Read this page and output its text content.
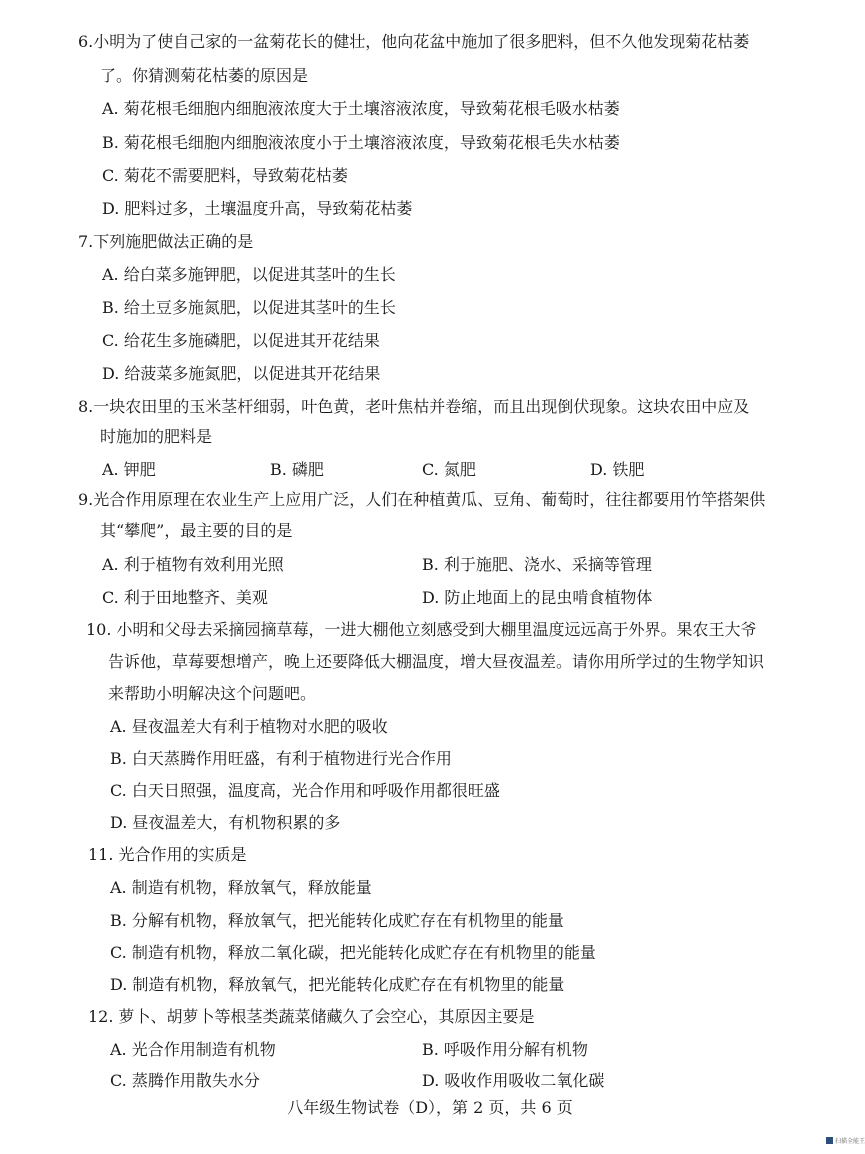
6.小明为了使自己家的一盆菊花长的健壮，他向花盆中施加了很多肥料，但不久他发现菊花枯萎
了。你猜测菊花枯萎的原因是
A. 菊花根毛细胞内细胞液浓度大于土壤溶液浓度，导致菊花根毛吸水枯萎
B. 菊花根毛细胞内细胞液浓度小于土壤溶液浓度，导致菊花根毛失水枯萎
C. 菊花不需要肥料，导致菊花枯萎
D. 肥料过多，土壤温度升高，导致菊花枯萎
7.下列施肥做法正确的是
A. 给白菜多施钾肥，以促进其茎叶的生长
B. 给土豆多施氮肥，以促进其茎叶的生长
C. 给花生多施磷肥，以促进其开花结果
D. 给菠菜多施氮肥，以促进其开花结果
8.一块农田里的玉米茎杆细弱，叶色黄，老叶焦枯并卷缩，而且出现倒伏现象。这块农田中应及
时施加的肥料是
A. 钾肥	B. 磷肥	C. 氮肥	D. 铁肥
9.光合作用原理在农业生产上应用广泛，人们在种植黄瓜、豆角、葡萄时，往往都要用竹竿搭架供
其“攀爬”，最主要的目的是
A. 利于植物有效利用光照	B. 利于施肥、浇水、采摘等管理
C. 利于田地整齐、美观	D. 防止地面上的昆虫啃食植物体
10. 小明和父母去采摘园摘草莓，一进大棚他立刻感受到大棚里温度远远高于外界。果农王大爷
告诉他，草莓要想增产，晚上还要降低大棚温度，增大昼夜温差。请你用所学过的生物学知识
来帮助小明解决这个问题吧。
A. 昼夜温差大有利于植物对水肥的吸收
B. 白天蒸腾作用旺盛，有利于植物进行光合作用
C. 白天日照强，温度高，光合作用和呼吸作用都很旺盛
D. 昼夜温差大，有机物积累的多
11. 光合作用的实质是
A. 制造有机物，释放氧气，释放能量
B. 分解有机物，释放氧气，把光能转化成贮存在有机物里的能量
C. 制造有机物，释放二氧化碳，把光能转化成贮存在有机物里的能量
D. 制造有机物，释放氧气，把光能转化成贮存在有机物里的能量
12. 萝卜、胡萝卜等根茎类蔬菜储藏久了会空心，其原因主要是
A. 光合作用制造有机物	B. 呼吸作用分解有机物
C. 蒸腾作用散失水分	D. 吸收作用吸收二氧化碳
八年级生物试卷（D），第 2 页，共 6 页
扫描全能王
